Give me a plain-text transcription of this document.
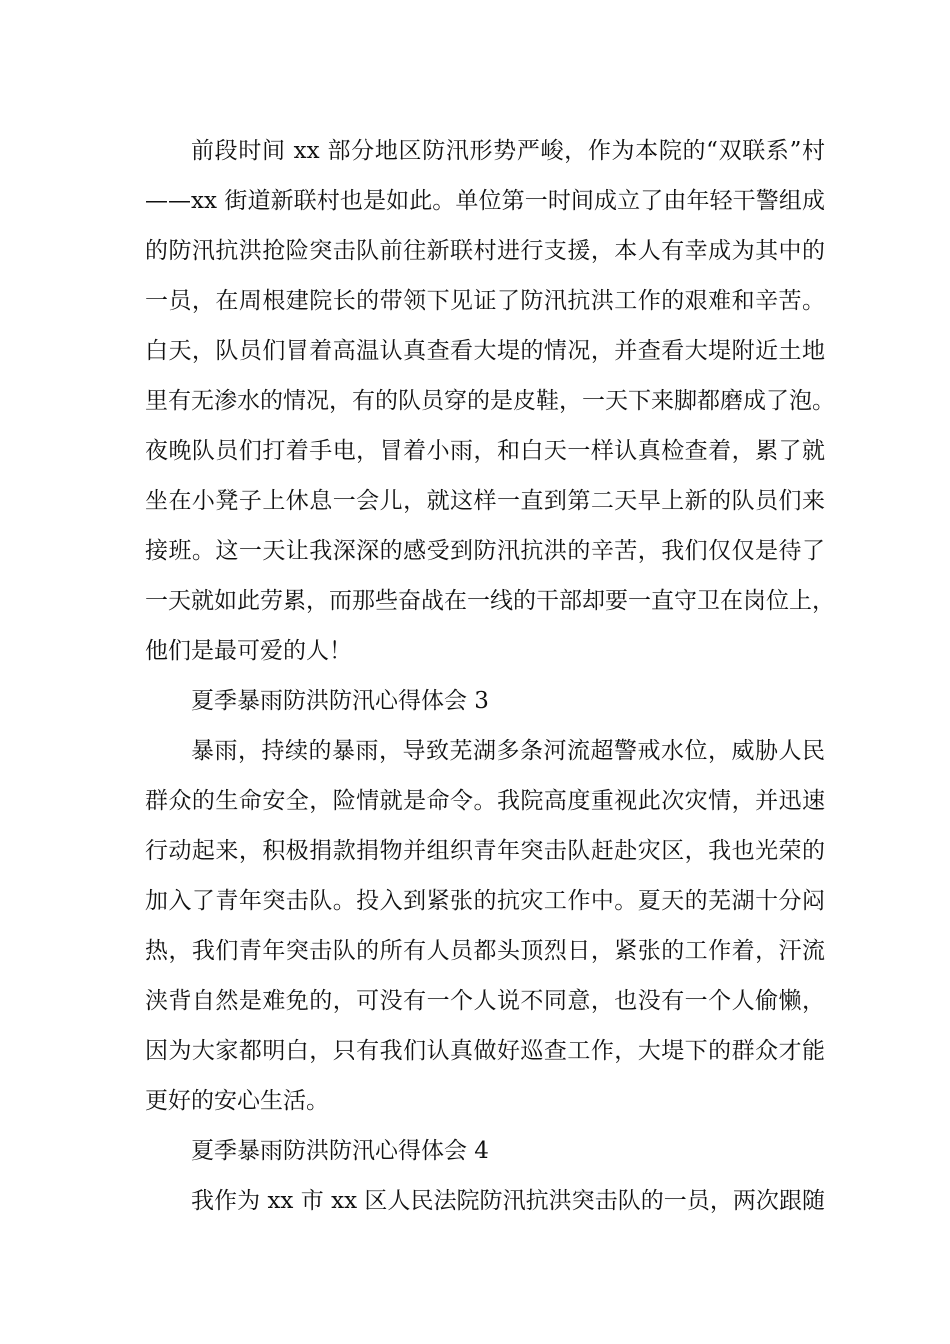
前段时间 xx 部分地区防汛形势严峻，作为本院的“双联系”村
——xx 街道新联村也是如此。单位第一时间成立了由年轻干警组成
的防汛抗洪抢险突击队前往新联村进行支援，本人有幸成为其中的
一员，在周根建院长的带领下见证了防汛抗洪工作的艰难和辛苦。
白天，队员们冒着高温认真查看大堤的情况，并查看大堤附近土地
里有无渗水的情况，有的队员穿的是皮鞋，一天下来脚都磨成了泡。
夜晚队员们打着手电，冒着小雨，和白天一样认真检查着，累了就
坐在小凳子上休息一会儿，就这样一直到第二天早上新的队员们来
接班。这一天让我深深的感受到防汛抗洪的辛苦，我们仅仅是待了
一天就如此劳累，而那些奋战在一线的干部却要一直守卫在岗位上，
他们是最可爱的人！
夏季暴雨防洪防汛心得体会 3
暴雨，持续的暴雨，导致芜湖多条河流超警戒水位，威胁人民
群众的生命安全，险情就是命令。我院高度重视此次灾情，并迅速
行动起来，积极捐款捐物并组织青年突击队赶赴灾区，我也光荣的
加入了青年突击队。投入到紧张的抗灾工作中。夏天的芜湖十分闷
热，我们青年突击队的所有人员都头顶烈日，紧张的工作着，汗流
浃背自然是难免的，可没有一个人说不同意，也没有一个人偷懒，
因为大家都明白，只有我们认真做好巡查工作，大堤下的群众才能
更好的安心生活。
夏季暴雨防洪防汛心得体会 4
我作为 xx 市 xx 区人民法院防汛抗洪突击队的一员，两次跟随
